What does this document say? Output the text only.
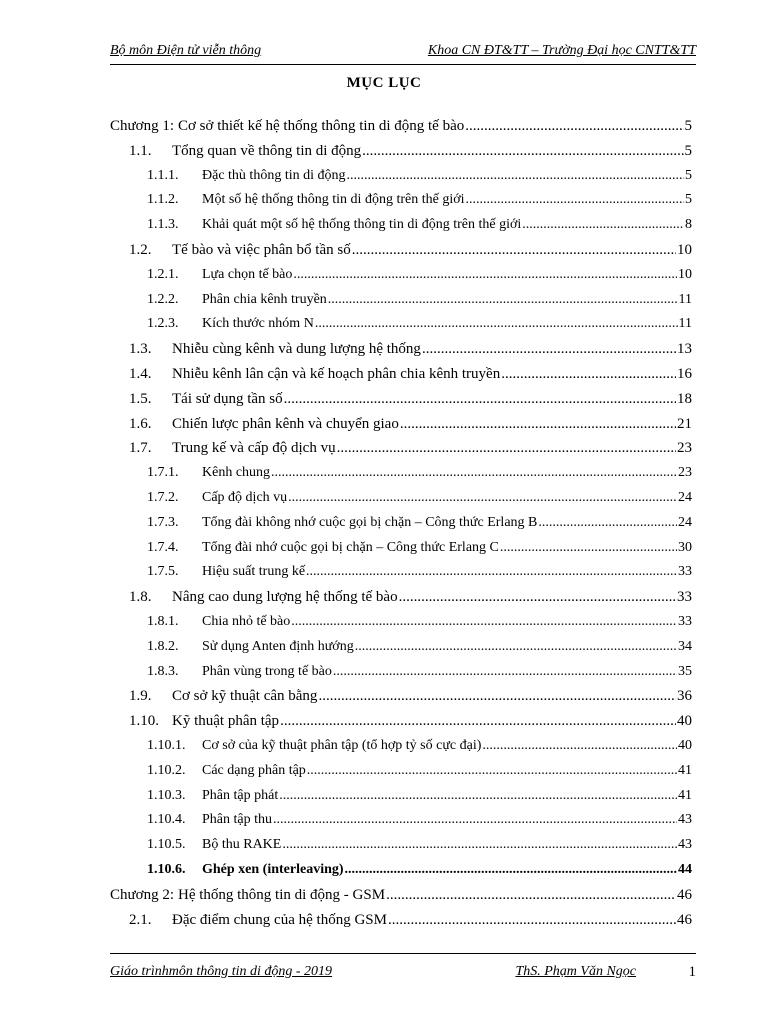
Bộ môn Điện tử viễn thông	Khoa CN ĐT&TT – Trường Đại học CNTT&TT
MỤC LỤC
Chương 1: Cơ sở thiết kế hệ thống thông tin di động tế bào .....	5
1.1.	Tổng quan về thông tin di động .....	5
1.1.1.	Đặc thù thông tin di động .....	5
1.1.2.	Một số hệ thống thông tin di động trên thế giới .....	5
1.1.3.	Khải quát một số hệ thống thông tin di động trên thế giới .....	8
1.2.	Tế bào và việc phân bổ tần số .....	10
1.2.1.	Lựa chọn tế bào .....	10
1.2.2.	Phân chia kênh truyền .....	11
1.2.3.	Kích thước nhóm N .....	11
1.3.	Nhiễu cùng kênh và dung lượng hệ thống .....	13
1.4.	Nhiễu kênh lân cận và kế hoạch phân chia kênh truyền .....	16
1.5.	Tái sử dụng tần số .....	18
1.6.	Chiến lược phân kênh và chuyển giao .....	21
1.7.	Trung kế và cấp độ dịch vụ .....	23
1.7.1.	Kênh chung .....	23
1.7.2.	Cấp độ dịch vụ .....	24
1.7.3.	Tổng đài không nhớ cuộc gọi bị chặn – Công thức Erlang B .....	24
1.7.4.	Tổng đài nhớ cuộc gọi bị chặn – Công thức Erlang C .....	30
1.7.5.	Hiệu suất trung kế .....	33
1.8.	Nâng cao dung lượng hệ thống tế bào .....	33
1.8.1.	Chia nhỏ tế bào .....	33
1.8.2.	Sử dụng Anten định hướng .....	34
1.8.3.	Phân vùng trong tế bào .....	35
1.9.	Cơ sở kỹ thuật cân bằng .....	36
1.10. Kỹ thuật phân tập .....	40
1.10.1.	Cơ sở của kỹ thuật phân tập (tổ hợp tỷ số cực đại) .....	40
1.10.2.	Các dạng phân tập .....	41
1.10.3.	Phân tập phát .....	41
1.10.4.	Phân tập thu .....	43
1.10.5.	Bộ thu RAKE .....	43
1.10.6.	Ghép xen (interleaving) .....	44
Chương 2: Hệ thống thông tin di động - GSM .....	46
2.1.	Đặc điểm chung của hệ thống GSM .....	46
Giáo trìnhmôn thông tin di động - 2019	ThS. Phạm Văn Ngọc	1
